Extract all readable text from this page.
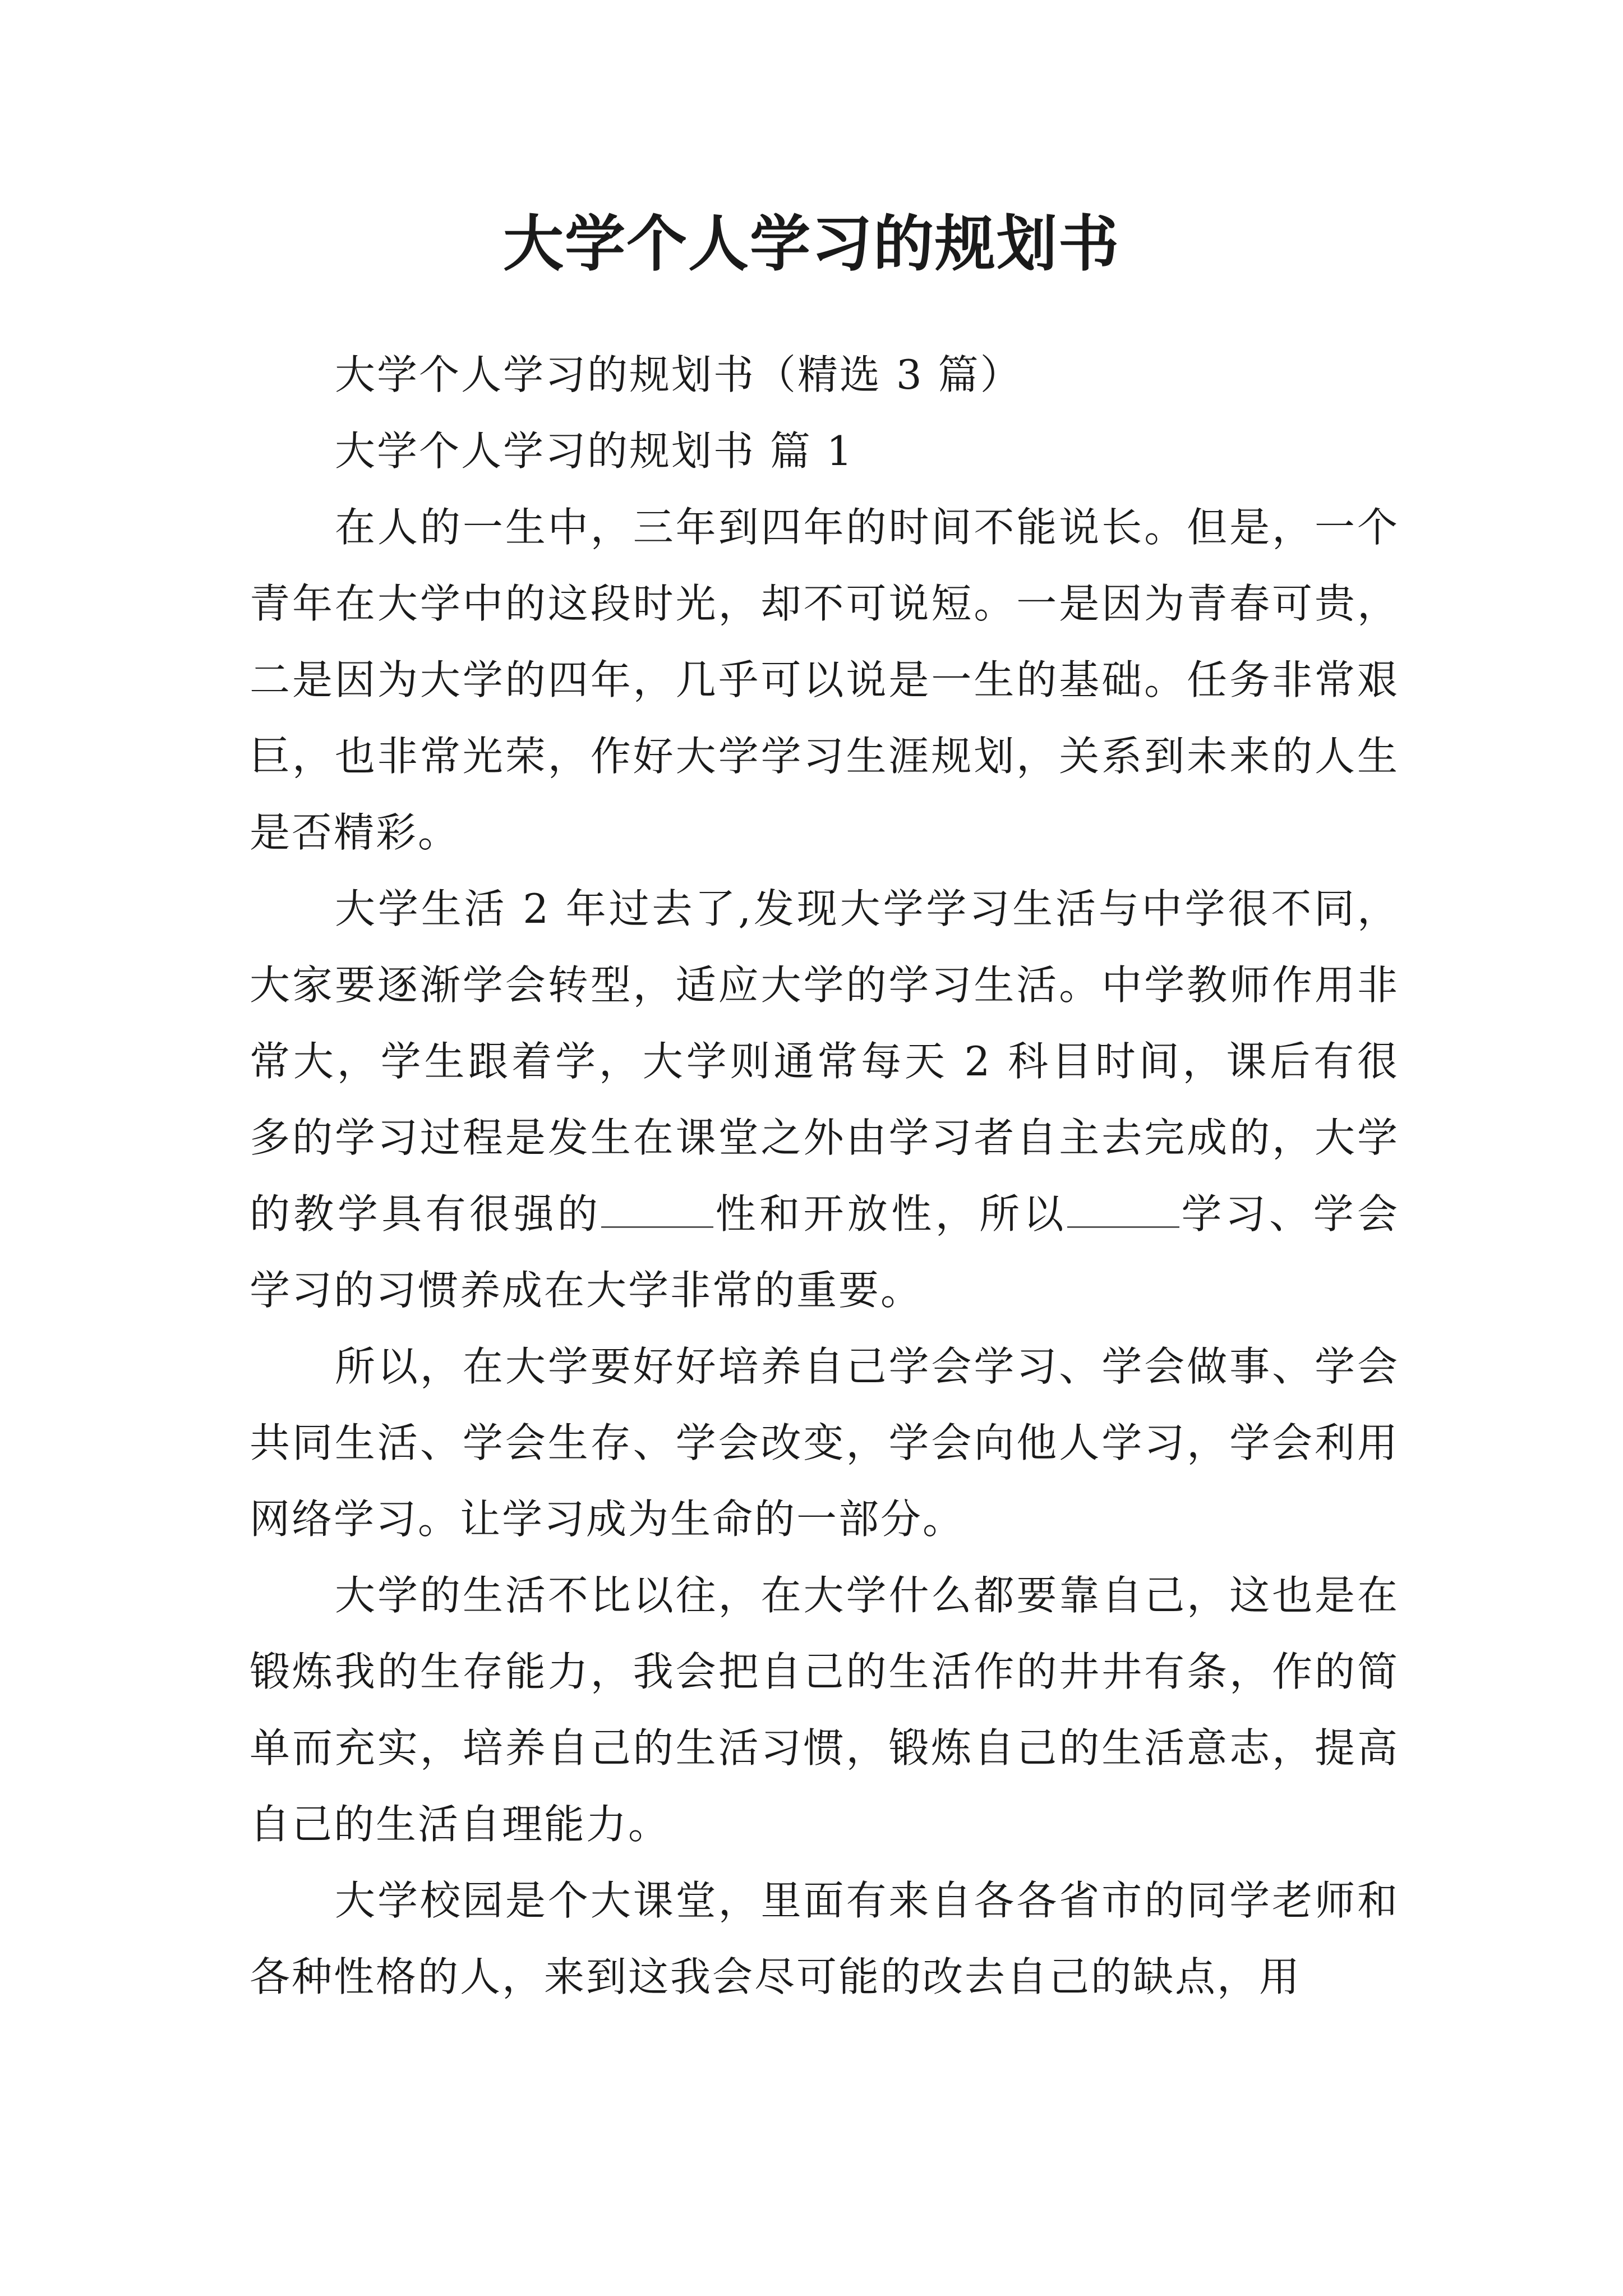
大学个人学习的规划书

大学个人学习的规划书（精选 3 篇）

大学个人学习的规划书 篇 1

在人的一生中，三年到四年的时间不能说长。但是，一个青年在大学中的这段时光，却不可说短。一是因为青春可贵，二是因为大学的四年，几乎可以说是一生的基础。任务非常艰巨，也非常光荣，作好大学学习生涯规划，关系到未来的人生是否精彩。

大学生活 2 年过去了,发现大学学习生活与中学很不同，大家要逐渐学会转型，适应大学的学习生活。中学教师作用非常大，学生跟着学，大学则通常每天 2 科目时间，课后有很多的学习过程是发生在课堂之外由学习者自主去完成的，大学的教学具有很强的	性和开放性，所以	学习、学会学习的习惯养成在大学非常的重要。

所以，在大学要好好培养自己学会学习、学会做事、学会共同生活、学会生存、学会改变，学会向他人学习，学会利用网络学习。让学习成为生命的一部分。

大学的生活不比以往，在大学什么都要靠自己，这也是在锻炼我的生存能力，我会把自己的生活作的井井有条，作的简单而充实，培养自己的生活习惯，锻炼自己的生活意志，提高自己的生活自理能力。

大学校园是个大课堂，里面有来自各各省市的同学老师和各种性格的人，来到这我会尽可能的改去自己的缺点，用
